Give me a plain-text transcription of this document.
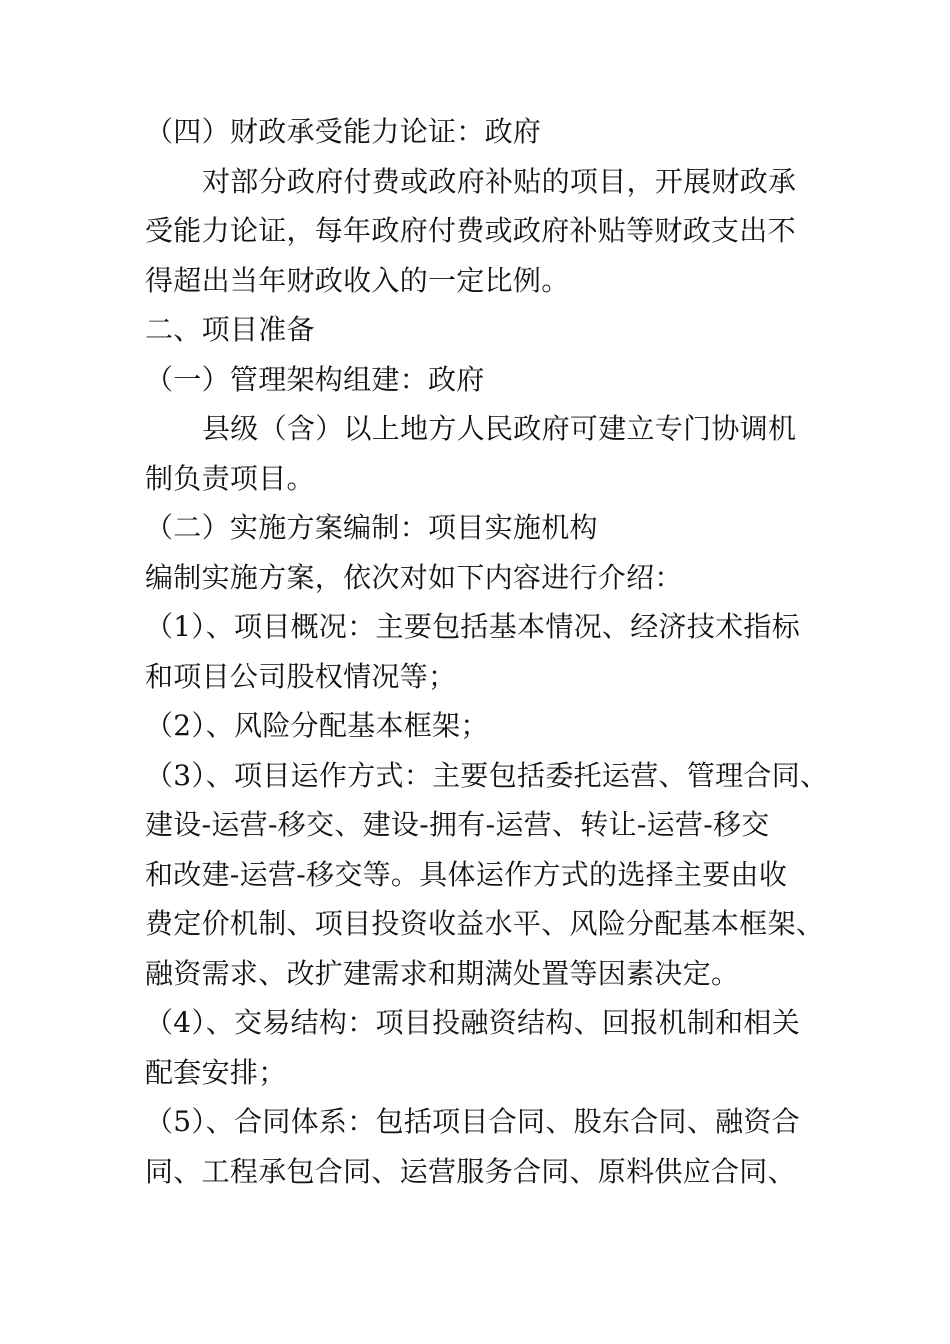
（四）财政承受能力论证：政府
对部分政府付费或政府补贴的项目，开展财政承
受能力论证，每年政府付费或政府补贴等财政支出不
得超出当年财政收入的一定比例。
二、项目准备
（一）管理架构组建：政府
县级（含）以上地方人民政府可建立专门协调机
制负责项目。
（二）实施方案编制：项目实施机构
编制实施方案，依次对如下内容进行介绍：
（1）、项目概况：主要包括基本情况、经济技术指标
和项目公司股权情况等；
（2）、风险分配基本框架；
（3）、项目运作方式：主要包括委托运营、管理合同、
建设-运营-移交、建设-拥有-运营、转让-运营-移交
和改建-运营-移交等。具体运作方式的选择主要由收
费定价机制、项目投资收益水平、风险分配基本框架、
融资需求、改扩建需求和期满处置等因素决定。
（4）、交易结构：项目投融资结构、回报机制和相关
配套安排；
（5）、合同体系：包括项目合同、股东合同、融资合
同、工程承包合同、运营服务合同、原料供应合同、
